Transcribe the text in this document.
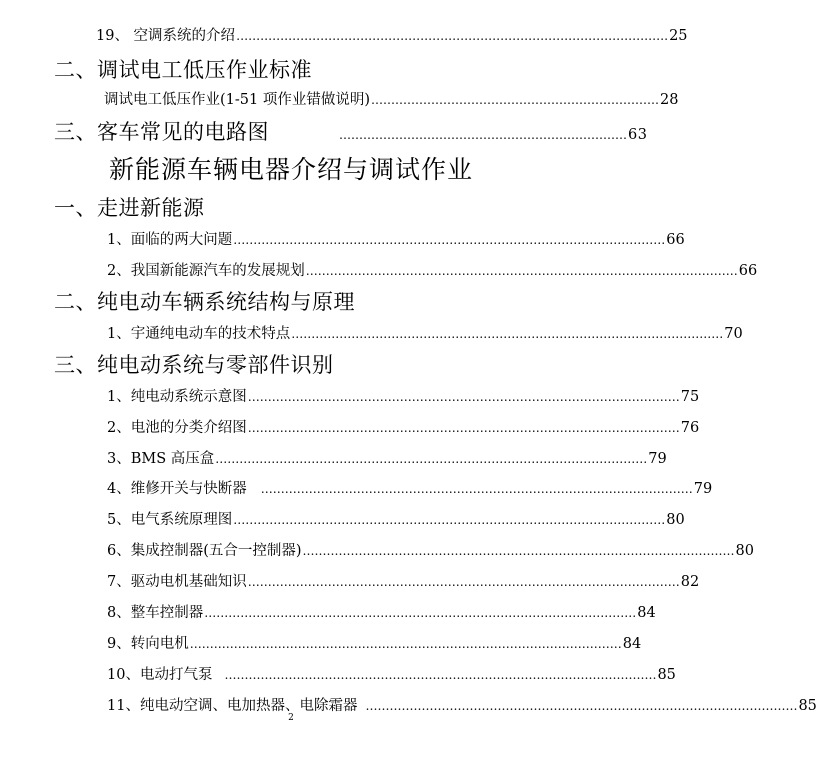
19、 空调系统的介绍 ……………………………………………………………………………………………… 25
二、调试电工低压作业标准
调试电工低压作业(1-51 项作业错做说明) ……………………………………………………………… 28
三、客车常见的电路图	……………………………………………………………… 63
新能源车辆电器介绍与调试作业
一、走进新能源
1、面临的两大问题 ……………………………………………………………………………………………… 66
2、我国新能源汽车的发展规划 ……………………………………………………………………………………………… 66
二、纯电动车辆系统结构与原理
1、宇通纯电动车的技术特点 ……………………………………………………………………………………………… 70
三、纯电动系统与零部件识别
1、纯电动系统示意图 ……………………………………………………………………………………………… 75
2、电池的分类介绍图 ……………………………………………………………………………………………… 76
3、BMS 高压盒 ……………………………………………………………………………………………… 79
4、维修开关与快断器 ……………………………………………………………………………………………… 79
5、电气系统原理图 ……………………………………………………………………………………………… 80
6、集成控制器(五合一控制器) ……………………………………………………………………………………………… 80
7、驱动电机基础知识 ……………………………………………………………………………………………… 82
8、整车控制器 ……………………………………………………………………………………………… 84
9、转向电机 ……………………………………………………………………………………………… 84
10、电动打气泵 ……………………………………………………………………………………………… 85
11、纯电动空调、电加热器、电除霜器 ……………………………………………………………………………………………… 85
2
